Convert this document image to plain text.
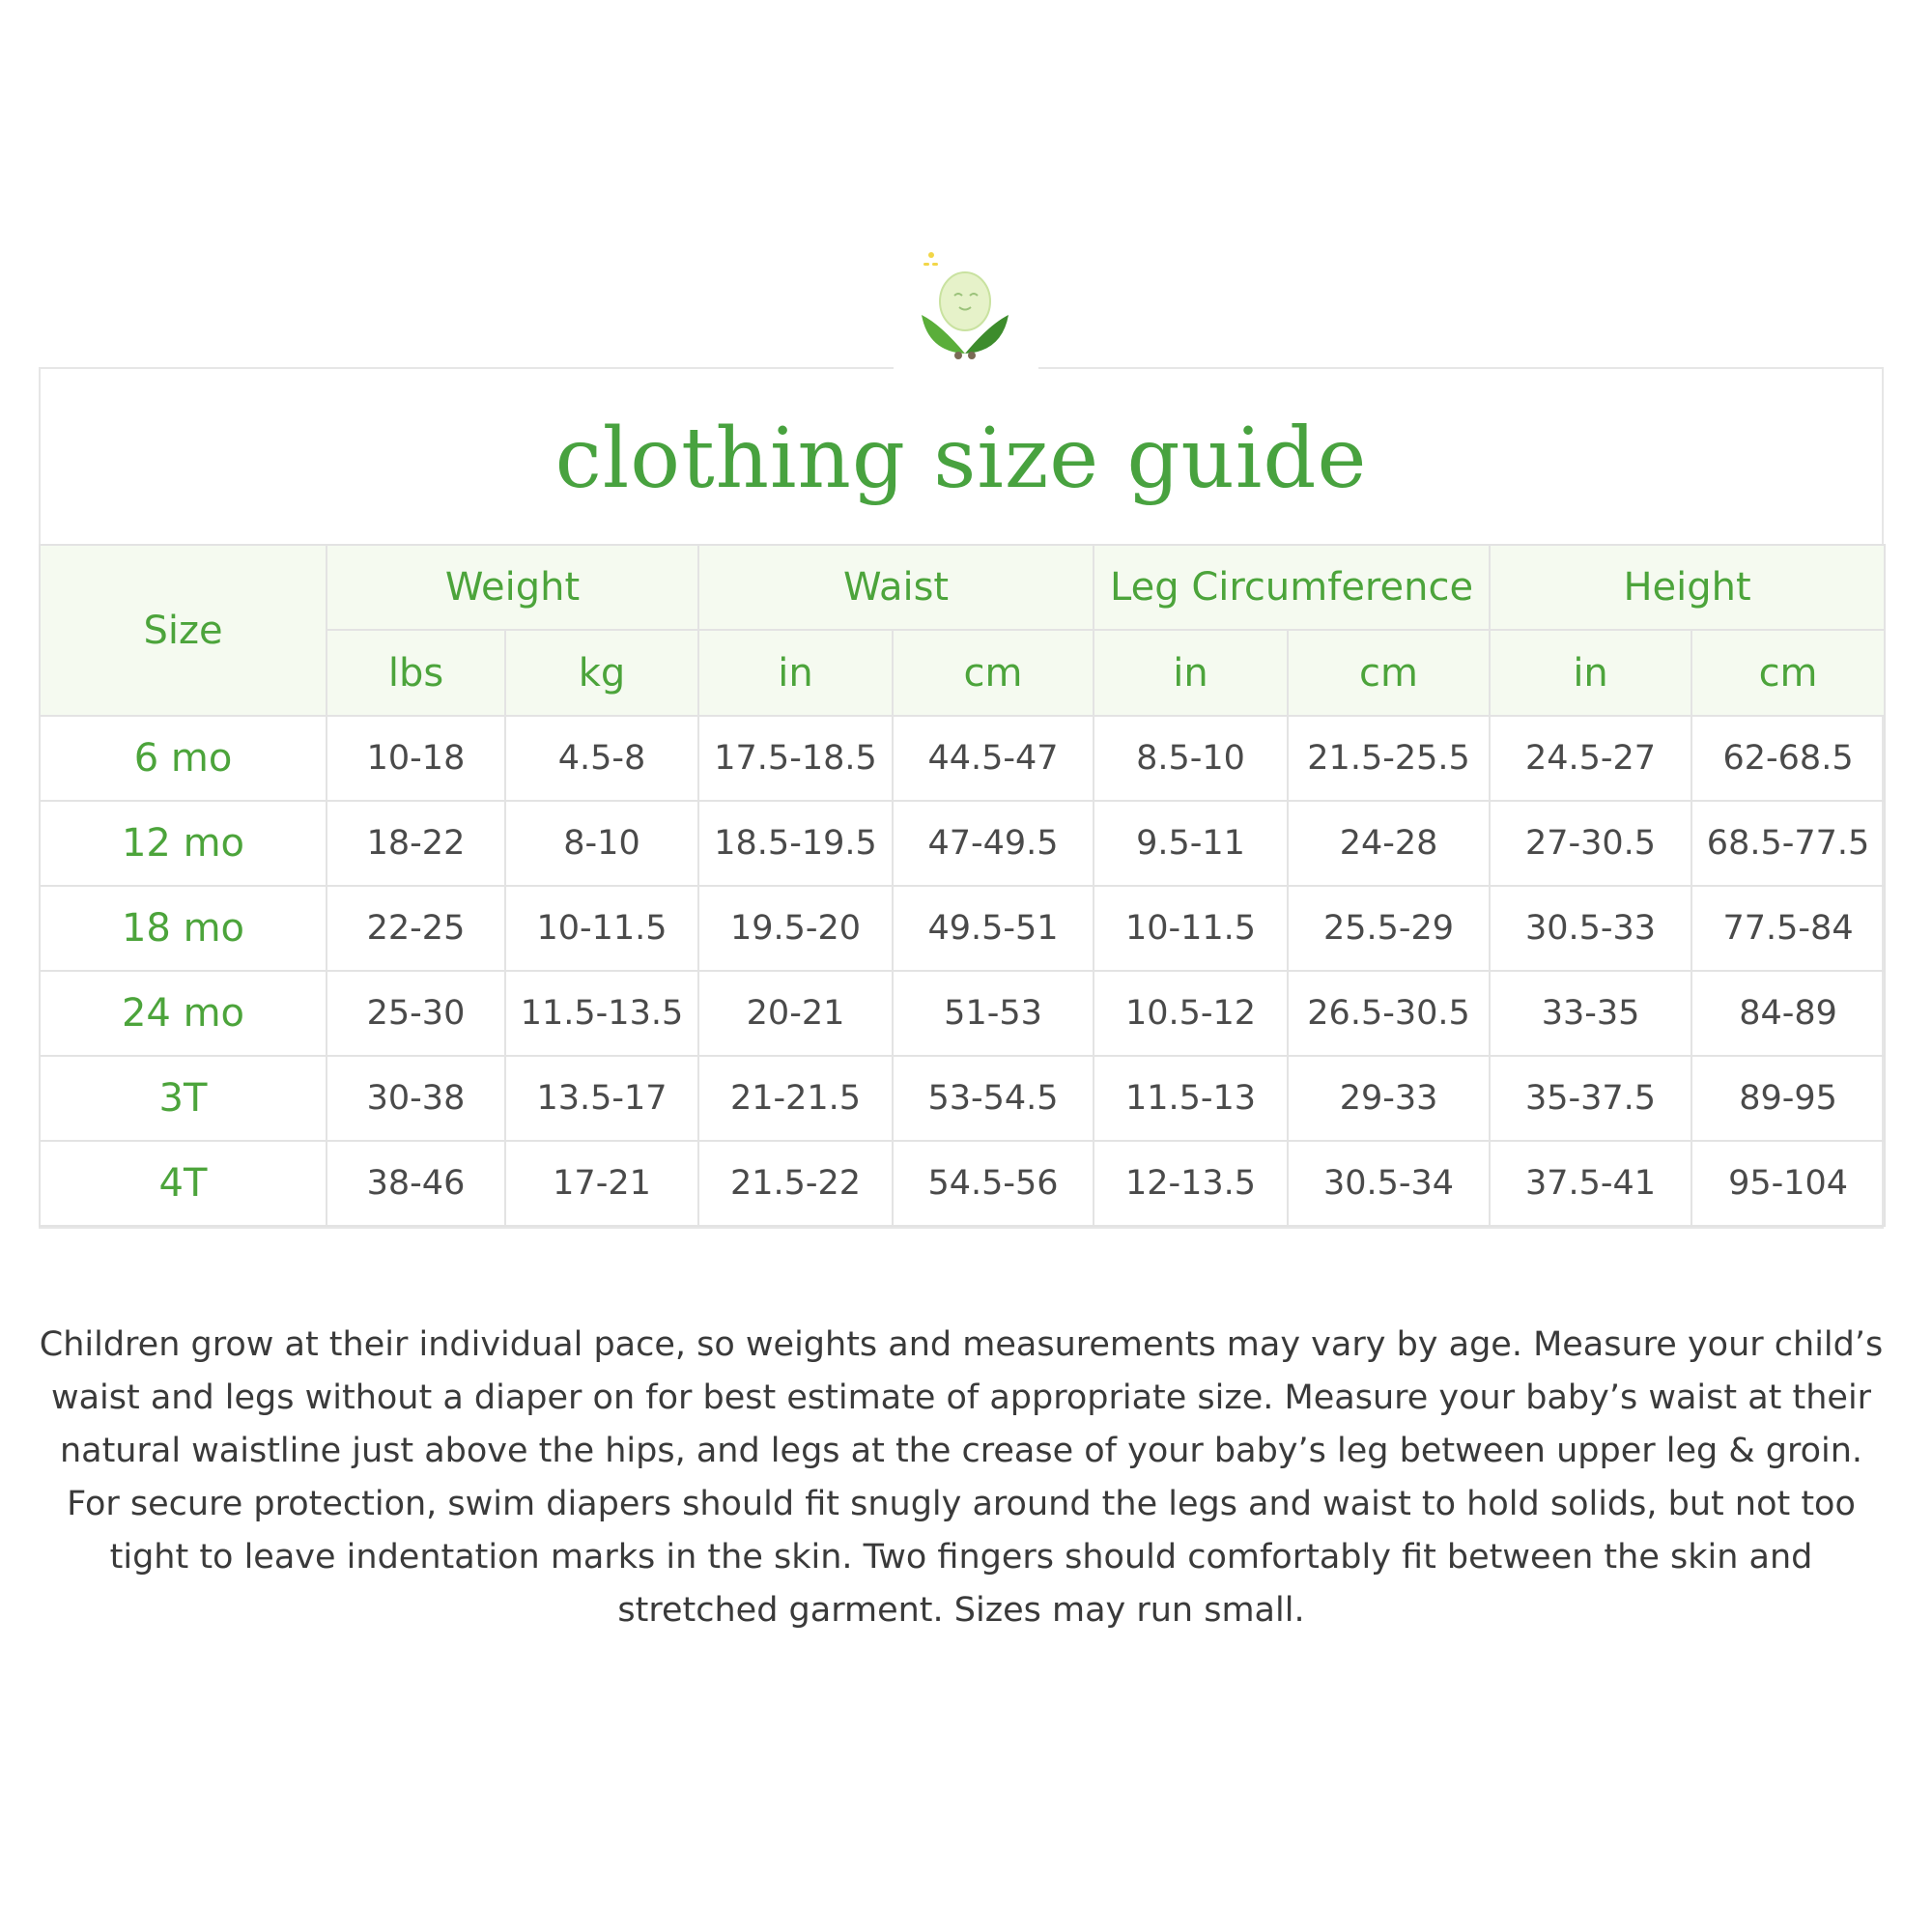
clothing size guide
Size	Weight		Waist		Leg Circumference		Height	
	lbs	kg	in	cm	in	cm	in	cm
6 mo	10-18	4.5-8	17.5-18.5	44.5-47	8.5-10	21.5-25.5	24.5-27	62-68.5
12 mo	18-22	8-10	18.5-19.5	47-49.5	9.5-11	24-28	27-30.5	68.5-77.5
18 mo	22-25	10-11.5	19.5-20	49.5-51	10-11.5	25.5-29	30.5-33	77.5-84
24 mo	25-30	11.5-13.5	20-21	51-53	10.5-12	26.5-30.5	33-35	84-89
3T	30-38	13.5-17	21-21.5	53-54.5	11.5-13	29-33	35-37.5	89-95
4T	38-46	17-21	21.5-22	54.5-56	12-13.5	30.5-34	37.5-41	95-104

Children grow at their individual pace, so weights and measurements may vary by age. Measure your child’s waist and legs without a diaper on for best estimate of appropriate size. Measure your baby’s waist at their natural waistline just above the hips, and legs at the crease of your baby’s leg between upper leg & groin. For secure protection, swim diapers should fit snugly around the legs and waist to hold solids, but not too tight to leave indentation marks in the skin. Two fingers should comfortably fit between the skin and stretched garment. Sizes may run small.
